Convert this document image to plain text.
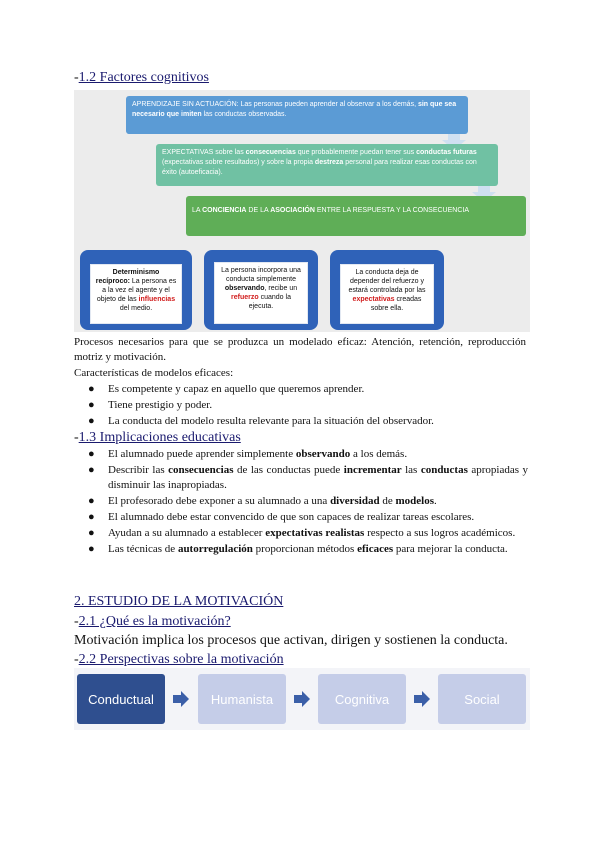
-1.2 Factores cognitivos
APRENDIZAJE SIN ACTUACIÓN: Las personas pueden aprender al observar a los demás, sin que sea necesario que imiten las conductas observadas.
EXPECTATIVAS sobre las consecuencias que probablemente puedan tener sus conductas futuras (expectativas sobre resultados) y sobre la propia destreza personal para realizar esas conductas con éxito (autoeficacia).
LA CONCIENCIA DE LA ASOCIACIÓN ENTRE LA RESPUESTA Y LA CONSECUENCIA
Determinismo recíproco: La persona es a la vez el agente y el objeto de las influencias del medio.
La persona incorpora una conducta simplemente observando, recibe un refuerzo cuando la ejecuta.
La conducta deja de depender del refuerzo y estará controlada por las expectativas creadas sobre ella.
Procesos necesarios para que se produzca un modelado eficaz: Atención, retención, reproducción motriz y motivación.
Características de modelos eficaces:
● Es competente y capaz en aquello que queremos aprender.
● Tiene prestigio y poder.
● La conducta del modelo resulta relevante para la situación del observador.
-1.3 Implicaciones educativas
● El alumnado puede aprender simplemente observando a los demás.
● Describir las consecuencias de las conductas puede incrementar las conductas apropiadas y disminuir las inapropiadas.
● El profesorado debe exponer a su alumnado a una diversidad de modelos.
● El alumnado debe estar convencido de que son capaces de realizar tareas escolares.
● Ayudan a su alumnado a establecer expectativas realistas respecto a sus logros académicos.
● Las técnicas de autorregulación proporcionan métodos eficaces para mejorar la conducta.
2. ESTUDIO DE LA MOTIVACIÓN
-2.1 ¿Qué es la motivación?
Motivación implica los procesos que activan, dirigen y sostienen la conducta.
-2.2 Perspectivas sobre la motivación
Conductual	Humanista	Cognitiva	Social
